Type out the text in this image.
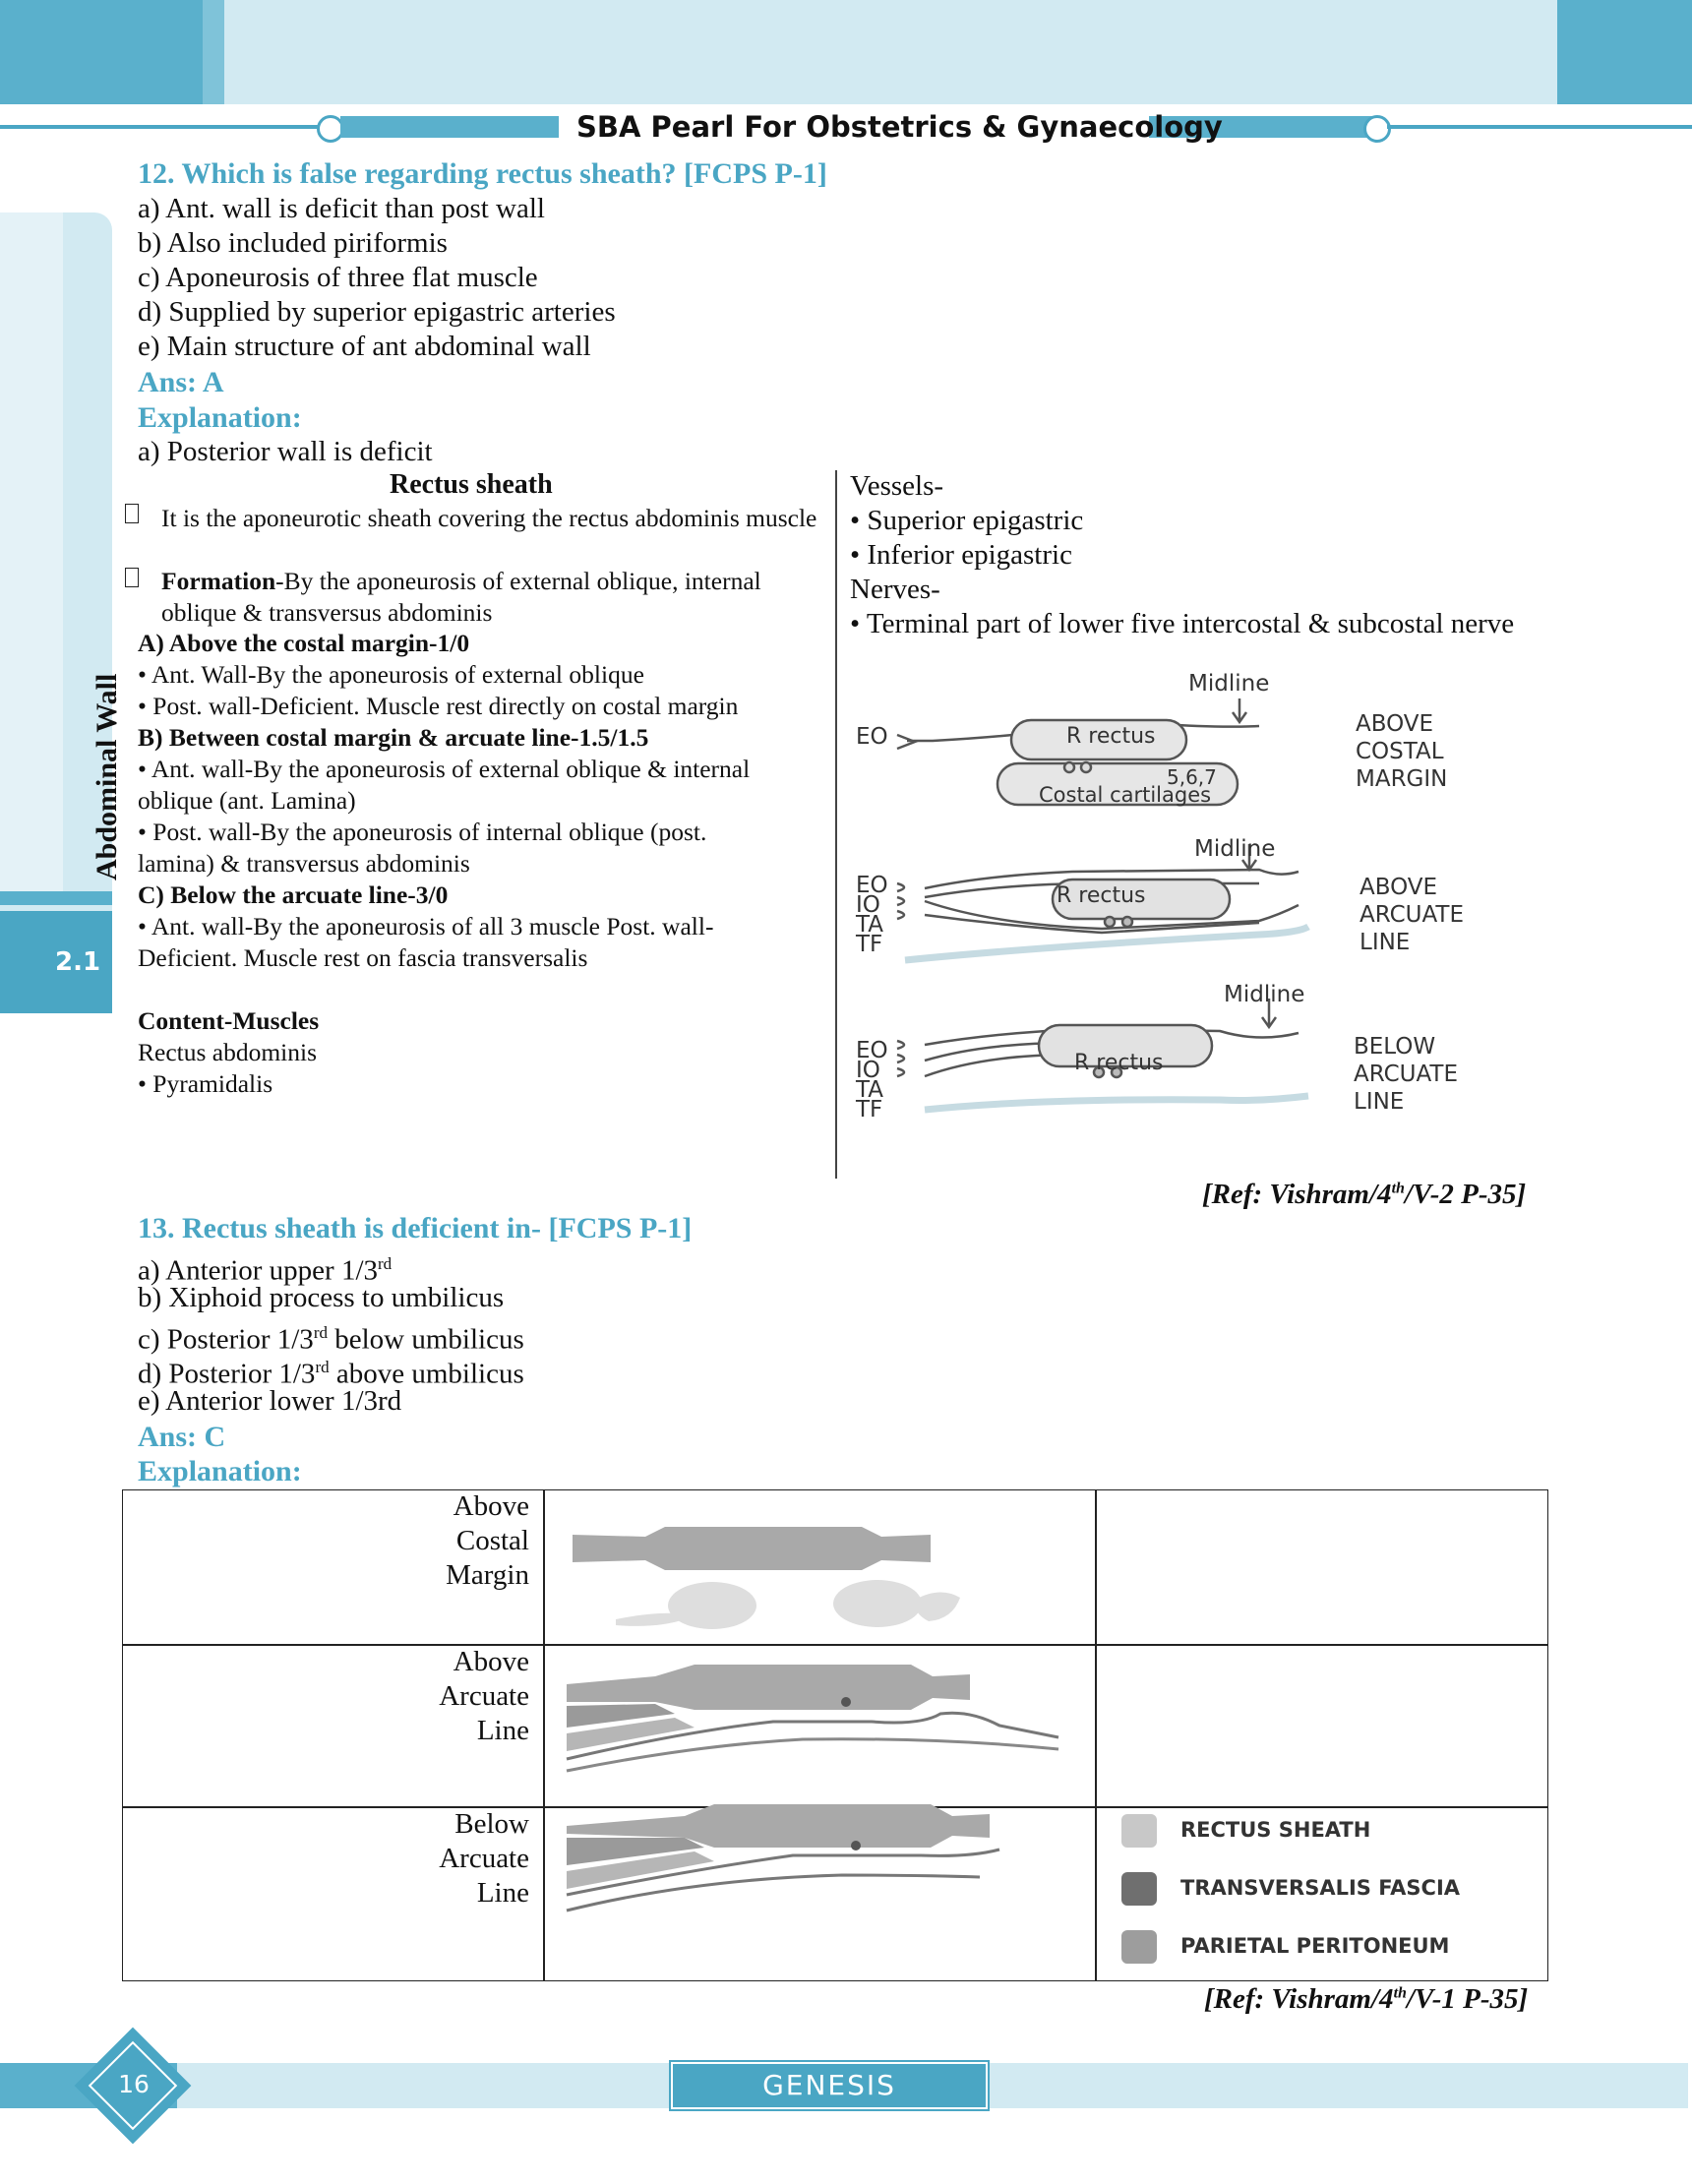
SBA Pearl For Obstetrics & Gynaecology
Abdominal Wall
2.1
12. Which is false regarding rectus sheath? [FCPS P-1]
a) Ant. wall is deficit than post wall
b) Also included piriformis
c) Aponeurosis of three flat muscle
d) Supplied by superior epigastric arteries
e) Main structure of ant abdominal wall
Ans: A
Explanation:
a) Posterior wall is deficit
Rectus sheath
It is the aponeurotic sheath covering the rectus abdominis muscle
Formation-By the aponeurosis of external oblique, internal oblique & transversus abdominis
A) Above the costal margin-1/0
• Ant. Wall-By the aponeurosis of external oblique
• Post. wall-Deficient. Muscle rest directly on costal margin
B) Between costal margin & arcuate line-1.5/1.5
• Ant. wall-By the aponeurosis of external oblique & internal oblique (ant. Lamina)
• Post. wall-By the aponeurosis of internal oblique (post. lamina) & transversus abdominis
C) Below the arcuate line-3/0
• Ant. wall-By the aponeurosis of all 3 muscle Post. wall-Deficient. Muscle rest on fascia transversalis
Content-Muscles
Rectus abdominis
• Pyramidalis
Vessels-
• Superior epigastric
• Inferior epigastric
Nerves-
• Terminal part of lower five intercostal & subcostal nerve
Midline
EO	R rectus
5,6,7
Costal cartilages
ABOVE
COSTAL
MARGIN
Midline
EO
IO
TA
TF
R rectus	ABOVE
ARCUATE
LINE
Midline
EO
IO
TA
TF
R rectus
BELOW
ARCUATE
LINE
[Ref: Vishram/4th/V-2 P-35]
13. Rectus sheath is deficient in- [FCPS P-1]
a) Anterior upper 1/3rd
b) Xiphoid process to umbilicus
c) Posterior 1/3rd below umbilicus
d) Posterior 1/3rd above umbilicus
e) Anterior lower 1/3rd
Ans: C
Explanation:
Above
Costal
Margin
Above
Arcuate
Line
Below
Arcuate
Line
RECTUS SHEATH
TRANSVERSALIS FASCIA
PARIETAL PERITONEUM
[Ref: Vishram/4th/V-1 P-35]
16	GENESIS
